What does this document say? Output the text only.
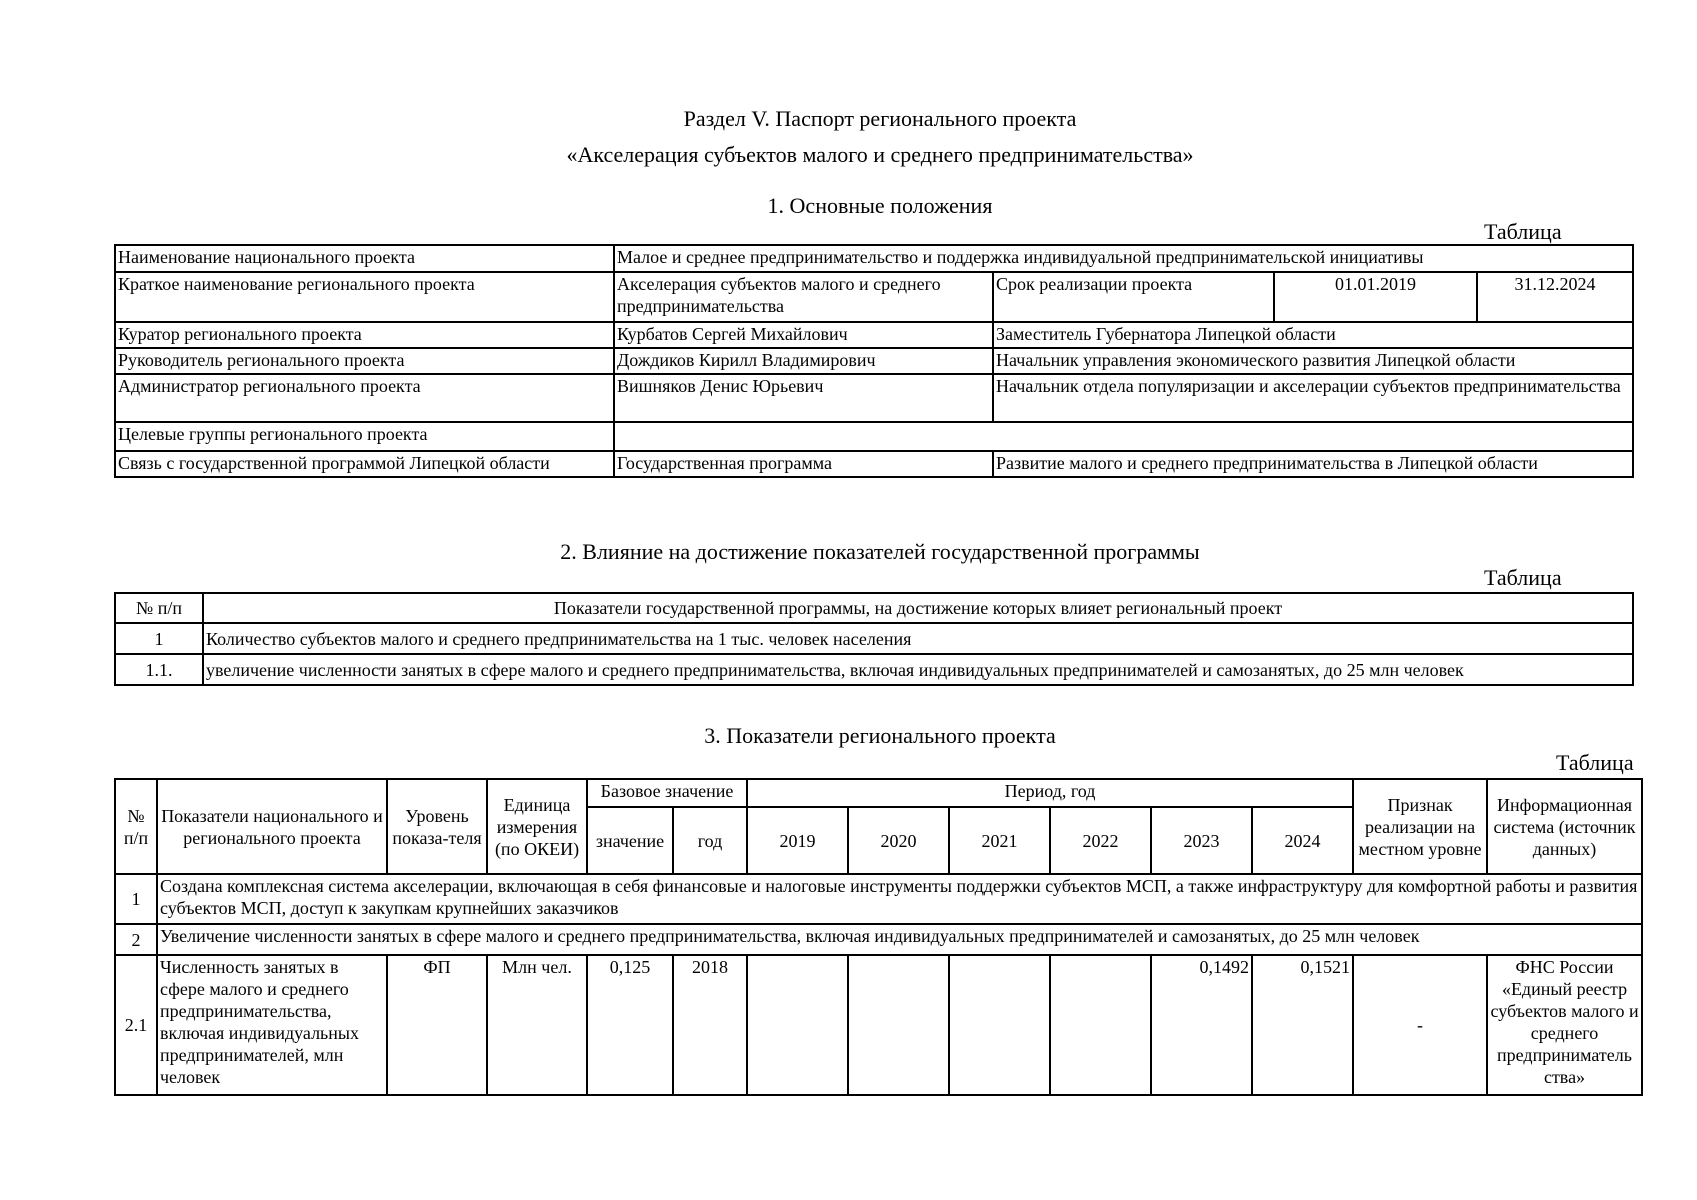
Раздел V. Паспорт регионального проекта
«Акселерация субъектов малого и среднего предпринимательства»
1. Основные положения
Таблица
Наименование национального проекта	Малое и среднее предпринимательство и поддержка индивидуальной предпринимательской инициативы			
Краткое наименование регионального проекта	Акселерация субъектов малого и среднего предпринимательства	Срок реализации проекта	01.01.2019	31.12.2024
Куратор регионального проекта	Курбатов Сергей Михайлович	Заместитель Губернатора Липецкой области		
Руководитель регионального проекта	Дождиков Кирилл Владимирович	Начальник управления экономического развития Липецкой области		
Администратор регионального проекта	Вишняков Денис Юрьевич	Начальник отдела популяризации и акселерации субъектов предпринимательства		
Целевые группы регионального проекта				
Связь с государственной программой Липецкой области	Государственная программа	Развитие малого и среднего предпринимательства в Липецкой области		
2. Влияние на достижение показателей государственной программы
Таблица
№ п/п	Показатели государственной программы, на достижение которых влияет региональный проект
1	Количество субъектов малого и среднего предпринимательства на 1 тыс. человек населения
1.1.	увеличение численности занятых в сфере малого и среднего предпринимательства, включая индивидуальных предпринимателей и самозанятых, до 25 млн человек
3. Показатели регионального проекта
Таблица
№ п/п	Показатели национального и регионального проекта	Уровень показа-теля	Единица измерения (по ОКЕИ)	Базовое значение		Период, год						Признак реализации на местном уровне	Информационная система (источник данных)
				значение	год	2019	2020	2021	2022	2023	2024		
1	Создана комплексная система акселерации, включающая в себя финансовые и налоговые инструменты поддержки субъектов МСП, а также инфраструктуру для комфортной работы и развития субъектов МСП, доступ к закупкам крупнейших заказчиков												
2	Увеличение численности занятых в сфере малого и среднего предпринимательства, включая индивидуальных предпринимателей и самозанятых, до 25 млн человек												
2.1	Численность занятых в сфере малого и среднего предпринимательства, включая индивидуальных предпринимателей, млн человек	ФП	Млн чел.	0,125	2018					0,1492	0,1521	-	ФНС России «Единый реестр субъектов малого и среднего предприниматель ства»
